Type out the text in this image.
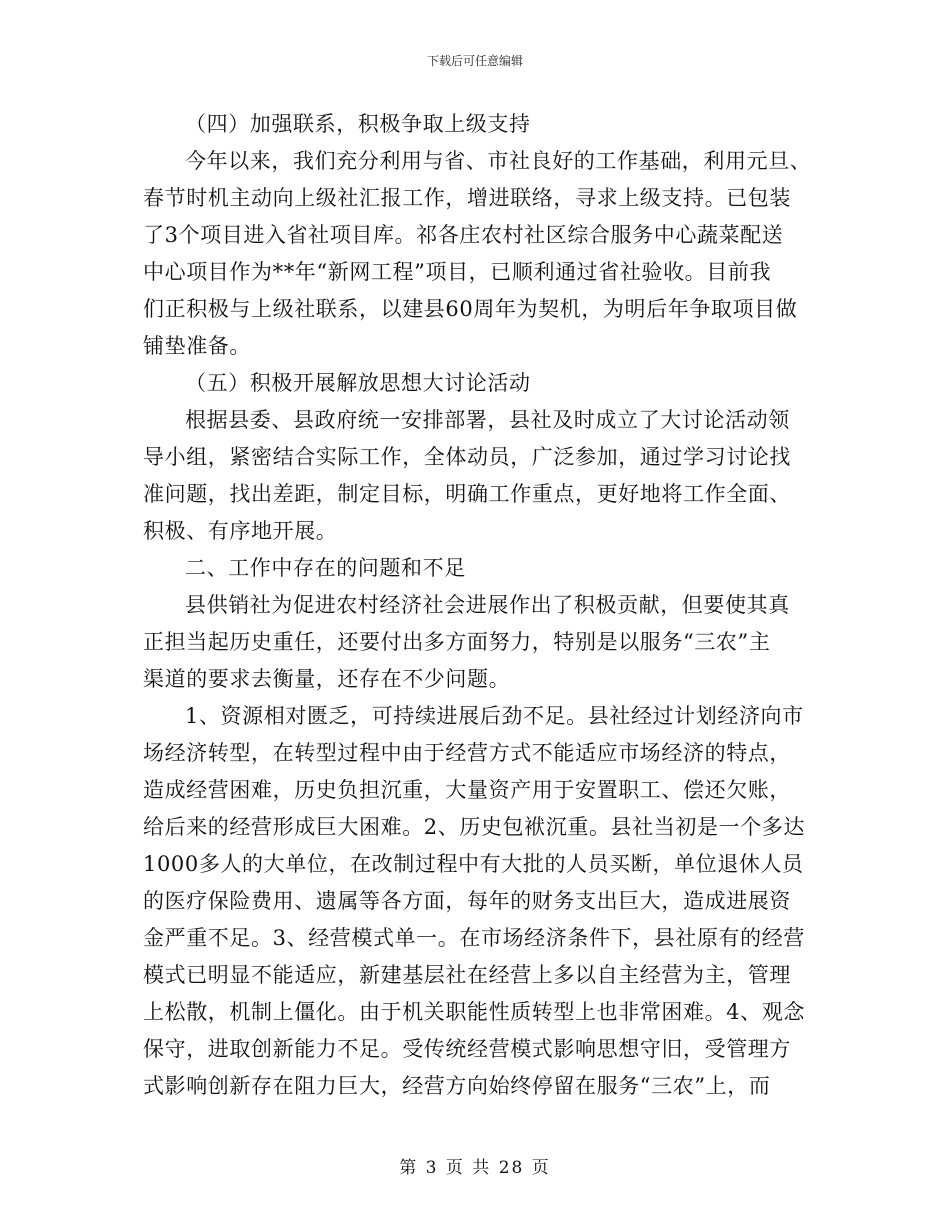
下载后可任意编辑
（四）加强联系，积极争取上级支持
今年以来，我们充分利用与省、市社良好的工作基础，利用元旦、
春节时机主动向上级社汇报工作，增进联络，寻求上级支持。已包装
了3个项目进入省社项目库。祁各庄农村社区综合服务中心蔬菜配送
中心项目作为**年“新网工程”项目，已顺利通过省社验收。目前我
们正积极与上级社联系，以建县60周年为契机，为明后年争取项目做
铺垫准备。
（五）积极开展解放思想大讨论活动
根据县委、县政府统一安排部署，县社及时成立了大讨论活动领
导小组，紧密结合实际工作，全体动员，广泛参加，通过学习讨论找
准问题，找出差距，制定目标，明确工作重点，更好地将工作全面、
积极、有序地开展。
二、工作中存在的问题和不足
县供销社为促进农村经济社会进展作出了积极贡献，但要使其真
正担当起历史重任，还要付出多方面努力，特别是以服务“三农”主
渠道的要求去衡量，还存在不少问题。
1、资源相对匮乏，可持续进展后劲不足。县社经过计划经济向市
场经济转型，在转型过程中由于经营方式不能适应市场经济的特点，
造成经营困难，历史负担沉重，大量资产用于安置职工、偿还欠账，
给后来的经营形成巨大困难。2、历史包袱沉重。县社当初是一个多达
1000多人的大单位，在改制过程中有大批的人员买断，单位退休人员
的医疗保险费用、遗属等各方面，每年的财务支出巨大，造成进展资
金严重不足。3、经营模式单一。在市场经济条件下，县社原有的经营
模式已明显不能适应，新建基层社在经营上多以自主经营为主，管理
上松散，机制上僵化。由于机关职能性质转型上也非常困难。4、观念
保守，进取创新能力不足。受传统经营模式影响思想守旧，受管理方
式影响创新存在阻力巨大，经营方向始终停留在服务“三农”上，而
第 3 页 共 28 页
